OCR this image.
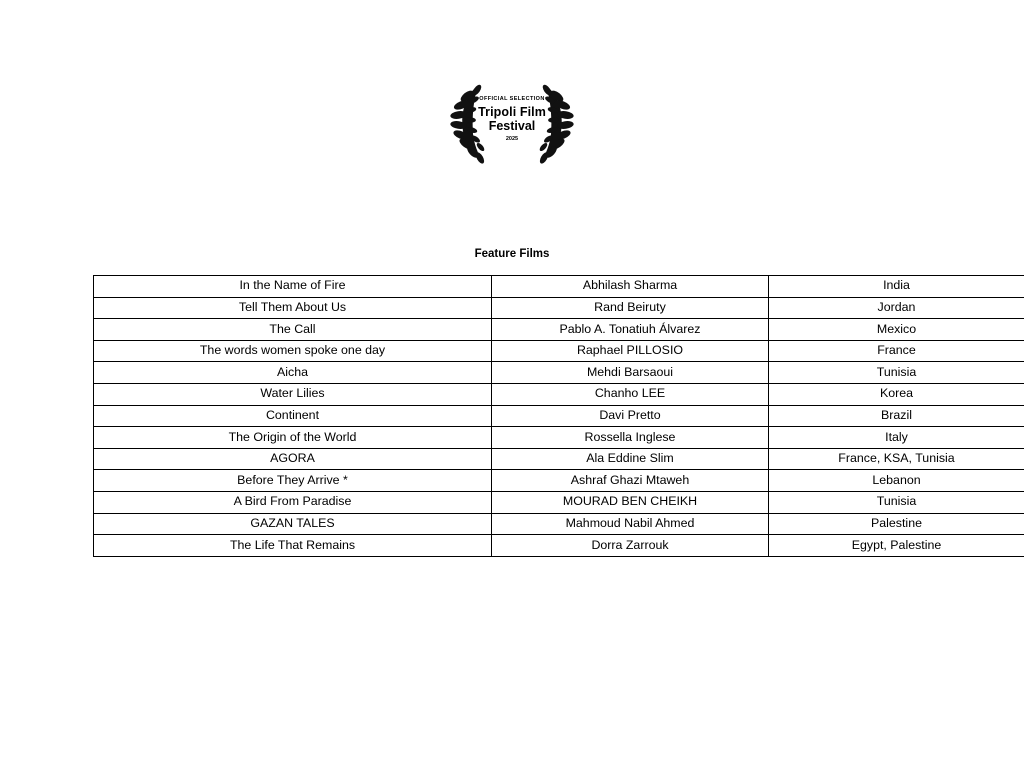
OFFICIAL SELECTION
Tripoli Film
Festival
2025
Feature Films
In the Name of Fire	Abhilash Sharma	India
Tell Them About Us	Rand Beiruty	Jordan
The Call	Pablo A. Tonatiuh Álvarez	Mexico
The words women spoke one day	Raphael PILLOSIO	France
Aicha	Mehdi Barsaoui	Tunisia
Water Lilies	Chanho LEE	Korea
Continent	Davi Pretto	Brazil
The Origin of the World	Rossella Inglese	Italy
AGORA	Ala Eddine Slim	France, KSA, Tunisia
Before They Arrive *	Ashraf Ghazi Mtaweh	Lebanon
A Bird From Paradise	MOURAD BEN CHEIKH	Tunisia
GAZAN TALES	Mahmoud Nabil Ahmed	Palestine
The Life That Remains	Dorra Zarrouk	Egypt, Palestine
